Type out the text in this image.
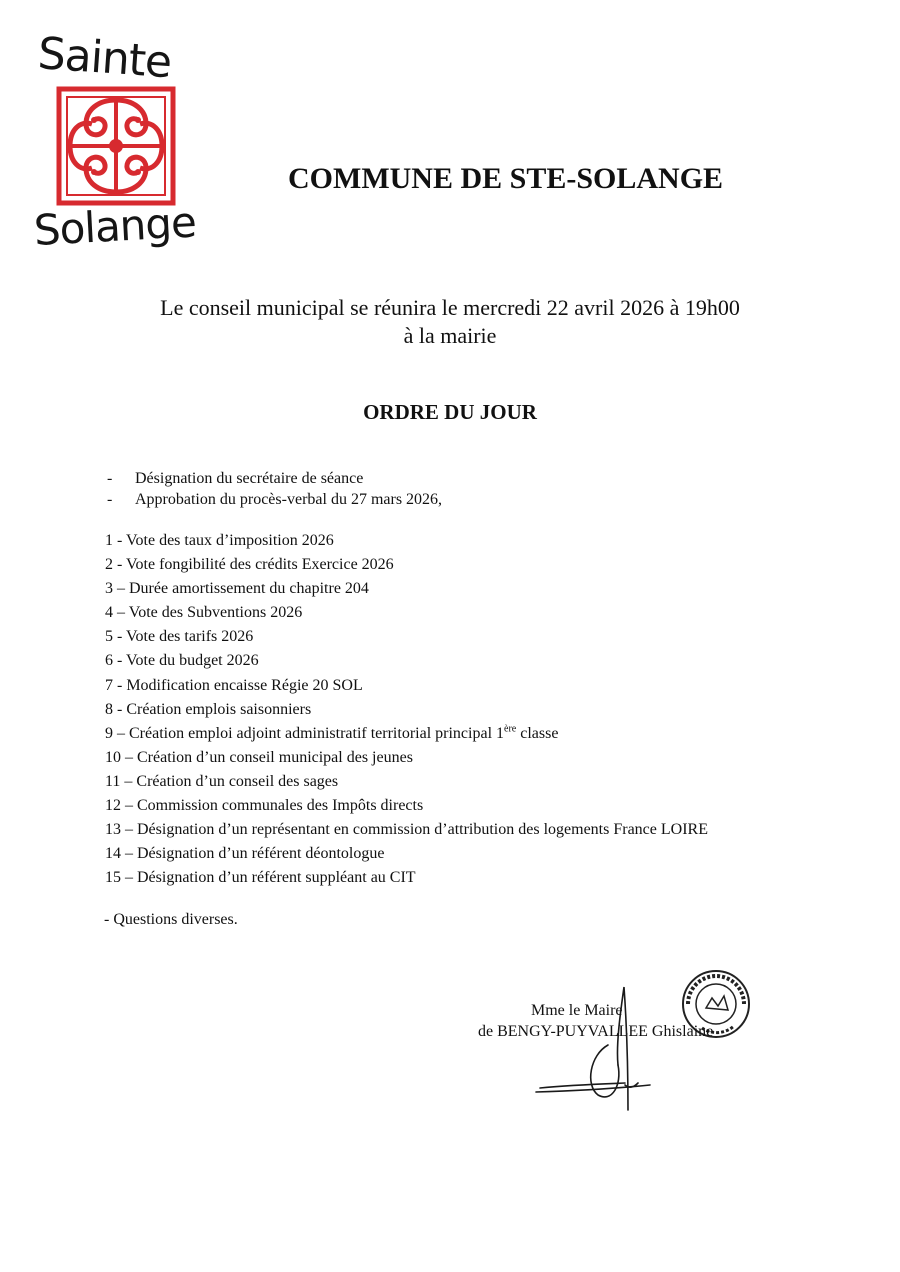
Sainte
Solange
COMMUNE DE STE-SOLANGE
Le conseil municipal se réunira le mercredi 22 avril 2026 à 19h00
à la mairie
ORDRE DU JOUR
-	Désignation du secrétaire de séance
-	Approbation du procès-verbal du 27 mars 2026,
1 - Vote des taux d’imposition 2026
2 - Vote fongibilité des crédits Exercice 2026
3 – Durée amortissement du chapitre 204
4 – Vote des Subventions 2026
5 - Vote des tarifs 2026
6 - Vote du budget 2026
7 - Modification encaisse Régie 20 SOL
8 - Création emplois saisonniers
9 – Création emploi adjoint administratif territorial principal 1ère classe
10 – Création d’un conseil municipal des jeunes
11 – Création d’un conseil des sages
12 – Commission communales des Impôts directs
13 – Désignation d’un représentant en commission d’attribution des logements France LOIRE
14 – Désignation d’un référent déontologue
15 – Désignation d’un référent suppléant au CIT
- Questions diverses.
Mme le Maire
de BENGY-PUYVALLEE Ghislaine
